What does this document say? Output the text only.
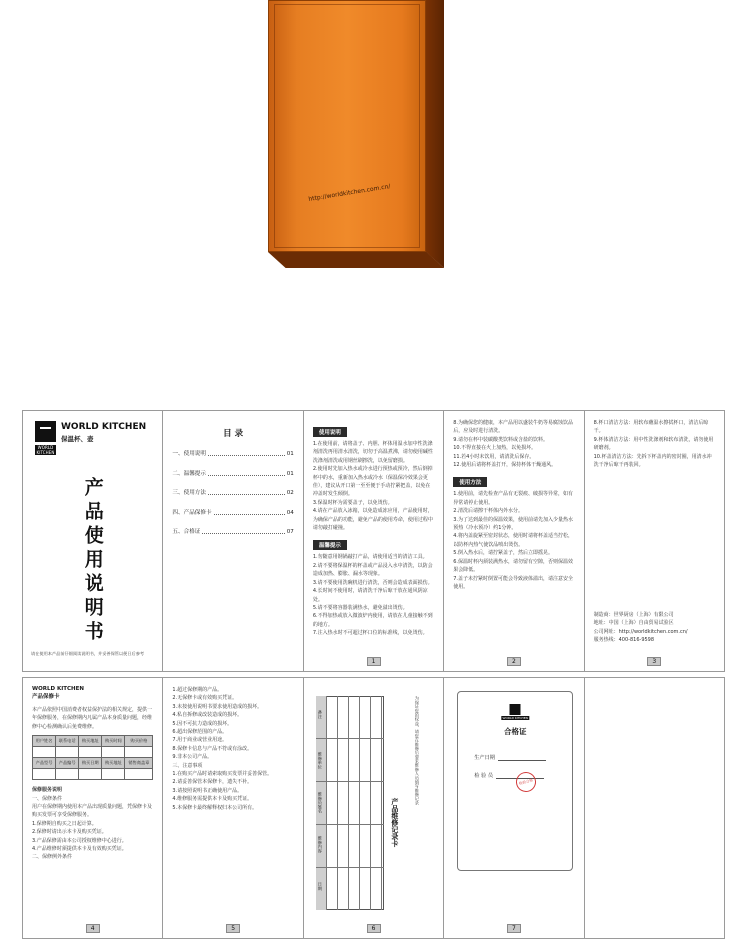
http://worldkitchen.com.cn/
WORLD KITCHEN
WORLD KITCHEN
保温杯、壶
产品使用说明书
请在使用本产品前仔细阅读说明书，并妥善保管以便日后参考
目 录
一、使用说明	01
二、温馨提示	01
三、使用方法	02
四、产品保修卡	04
五、合格证	07
使用说明

1.在使用前，请将盖子、内胆、杯体用温水加中性洗涤剂清洗再用清水清洗，切勿于高温煮沸，请勿使用碱性洗涤剂清洗或用钢丝刷擦洗，以免留磨损。

2.使用时先加入热水或冷水进行预热或预冷，然后倒掉杯中的水，重新加入热水或冷水（保温保冷效果会更佳），建议从开口第一至至便于手动拧紧把盖，以免在冲盖时发生倾倒。

3.保温时杯为需要盖子，以免烫伤。

4.请在产品放入冰箱，以免造成冻应用，产品使用时，为确保产品的功能，避免产品的使用寿命，使用过程中请勿敲打碰撞。

温馨提示

1.勿随意用钢锅敲打产品，请使用适当的清洁工具。

2.请不要将保温杯的杯盖或产品浸入水中清洗，以防会造成加热、膨胀、漏水等现象。

3.请不要使用洗碗机进行清洗，否则会造成表面损伤。

4.长时间不使用时，请清洗干净后晾干放在通风阴凉处。

5.请不要将容器装满热水，避免溢出烫伤。

6.不得加热或放入微波炉内使用，请放在儿童接触不到的地方。

7.注入热水时不可超过杯口位的标准线，以免烫伤。

1

8.为确保您的健康，本产品用以盛装牛奶等易腐蚀饮品后，应及时进行清洗。

9.请勿在杯中装碳酸类饮料或含盐的饮料。

10.不得直接在火上加热，以免损坏。

11.若4小时未饮用，请清洗后保存。

12.使用后请将杯盖打开，保持杯体干燥通风。

使用方法

1.使用前，请先检查产品有无裂痕、破损等异常，如有异常请停止使用。

2.清洗后请擦干杯体内外水分。

3.为了达到最佳的保温效果，使用前请先加入少量热水预热（冷水预冷）约1分钟。

4.将内盖旋紧至密封状态，使用时请将杯盖适当拧松，以防杯内热气使饮品喷出烫伤。

5.倒入热水后，请拧紧盖子，然后立即摇晃。

6.保温时杯内须装满热水，请勿留有空隙，否则保温效果会降低。

7.盖子未拧紧时倒置可能会导致液体溢出，请注意安全使用。

2

8.杯口清洁方法：用软布蘸温水擦拭杯口，清洁后晾干。

9.杯体清洁方法：用中性洗涤剂和软布清洗，请勿使用研磨剂。

10.杯盖清洁方法：先拆下杯盖内的密封圈，用清水冲洗干净后晾干再装回。

制造商：世界厨房（上海）有限公司

地址：中国（上海）自由贸易试验区

公司网址：http://worldkitchen.com.cn/

服务热线：400-816-9598

3
WORLD KITCHEN
产品保修卡
本产品依照中国消费者权益保护法的相关规定，提供一年保修服务，在保修期内凡属产品本身质量问题，经维修中心检测确认后免费维修。
用户姓名	联系电话	购买地址	购买时间	购买价格

产品型号	产品编号	购买日期	购买地址	销售商盖章

保修服务说明

一、保修条件

用户在保修期内使用本产品出现质量问题，凭保修卡及购买发票可享受保修服务。

1.保修期自购买之日起计算。

2.保修时请出示本卡及购买凭证。

3.产品保修需由本公司授权维修中心进行。

4.产品维修时须提供本卡及有效购买凭证。

二、保修例外条件

4

1.超过保修期的产品。

2.无保修卡或有效购买凭证。

3.未按使用说明书要求使用造成的损坏。

4.私自拆修或改装造成的损坏。

5.因不可抗力造成的损坏。

6.超出保修范围的产品。

7.用于商业或营业用途。

8.保修卡信息与产品不符或有涂改。

9.非本公司产品。

三、注意事项

1.在购买产品时请索取购买发票并妥善保管。

2.请妥善保管本保修卡，遗失不补。

3.请按照说明书正确使用产品。

4.维修服务需提供本卡及购买凭证。

5.本保修卡最终解释权归本公司所有。

5
备注
维修单位
维修员签名
维修内容
日期
产品维修记录卡
为保证您的权益，请您在维修后要求维修人员填写维修记录
6
WORLD KITCHEN
合格证
生产日期
检 验 员
检验合格
7
